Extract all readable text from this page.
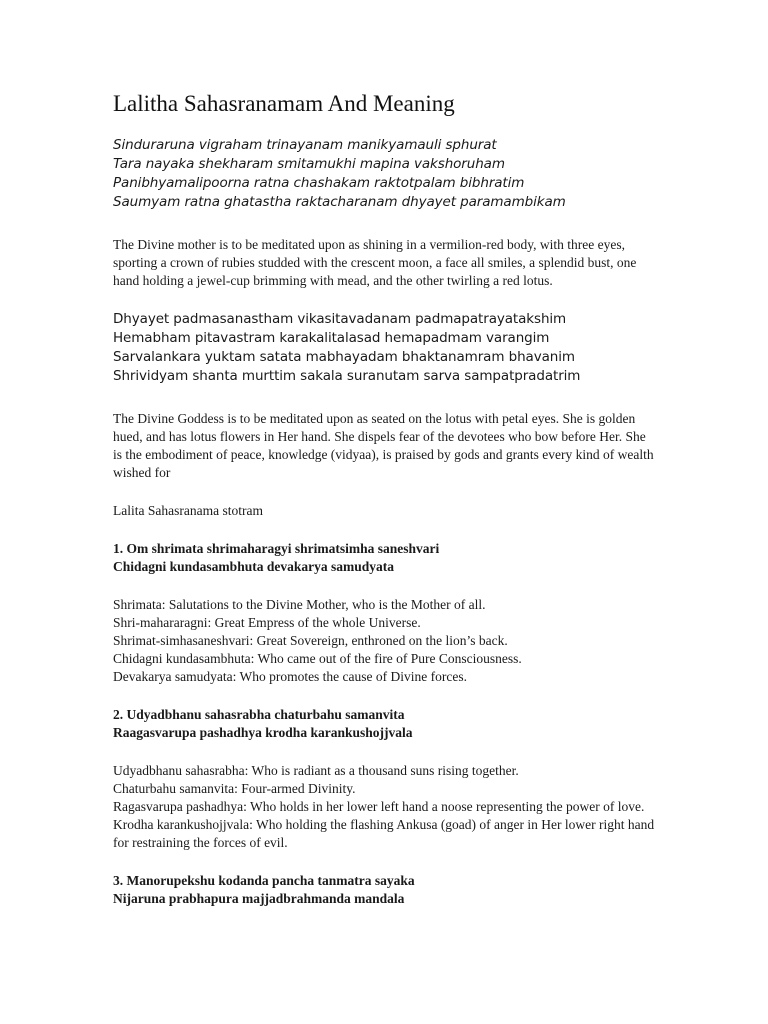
Lalitha Sahasranamam And Meaning
Sinduraruna vigraham trinayanam manikyamauli sphurat
Tara nayaka shekharam smitamukhi mapina vakshoruham
Panibhyamalipoorna ratna chashakam raktotpalam bibhratim
Saumyam ratna ghatastha raktacharanam dhyayet paramambikam

The Divine mother is to be meditated upon as shining in a vermilion-red body, with three eyes, sporting a crown of rubies studded with the crescent moon, a face all smiles, a splendid bust, one hand holding a jewel-cup brimming with mead, and the other twirling a red lotus.

Dhyayet padmasanastham vikasitavadanam padmapatrayatakshim
Hemabham pitavastram karakalitalasad hemapadmam varangim
Sarvalankara yuktam satata mabhayadam bhaktanamram bhavanim
Shrividyam shanta murttim sakala suranutam sarva sampatpradatrim

The Divine Goddess is to be meditated upon as seated on the lotus with petal eyes. She is golden hued, and has lotus flowers in Her hand. She dispels fear of the devotees who bow before Her. She is the embodiment of peace, knowledge (vidyaa), is praised by gods and grants every kind of wealth wished for

Lalita Sahasranama stotram

1. Om shrimata shrimaharagyi shrimatsimha saneshvari
Chidagni kundasambhuta devakarya samudyata
Shrimata: Salutations to the Divine Mother, who is the Mother of all.
Shri-mahararagni: Great Empress of the whole Universe.
Shrimat-simhasaneshvari: Great Sovereign, enthroned on the lion’s back.
Chidagni kundasambhuta: Who came out of the fire of Pure Consciousness.
Devakarya samudyata: Who promotes the cause of Divine forces.
2. Udyadbhanu sahasrabha chaturbahu samanvita
Raagasvarupa pashadhya krodha karankushojjvala
Udyadbhanu sahasrabha: Who is radiant as a thousand suns rising together.
Chaturbahu samanvita: Four-armed Divinity.
Ragasvarupa pashadhya: Who holds in her lower left hand a noose representing the power of love.
Krodha karankushojjvala: Who holding the flashing Ankusa (goad) of anger in Her lower right hand for restraining the forces of evil.
3. Manorupekshu kodanda pancha tanmatra sayaka
Nijaruna prabhapura majjadbrahmanda mandala
